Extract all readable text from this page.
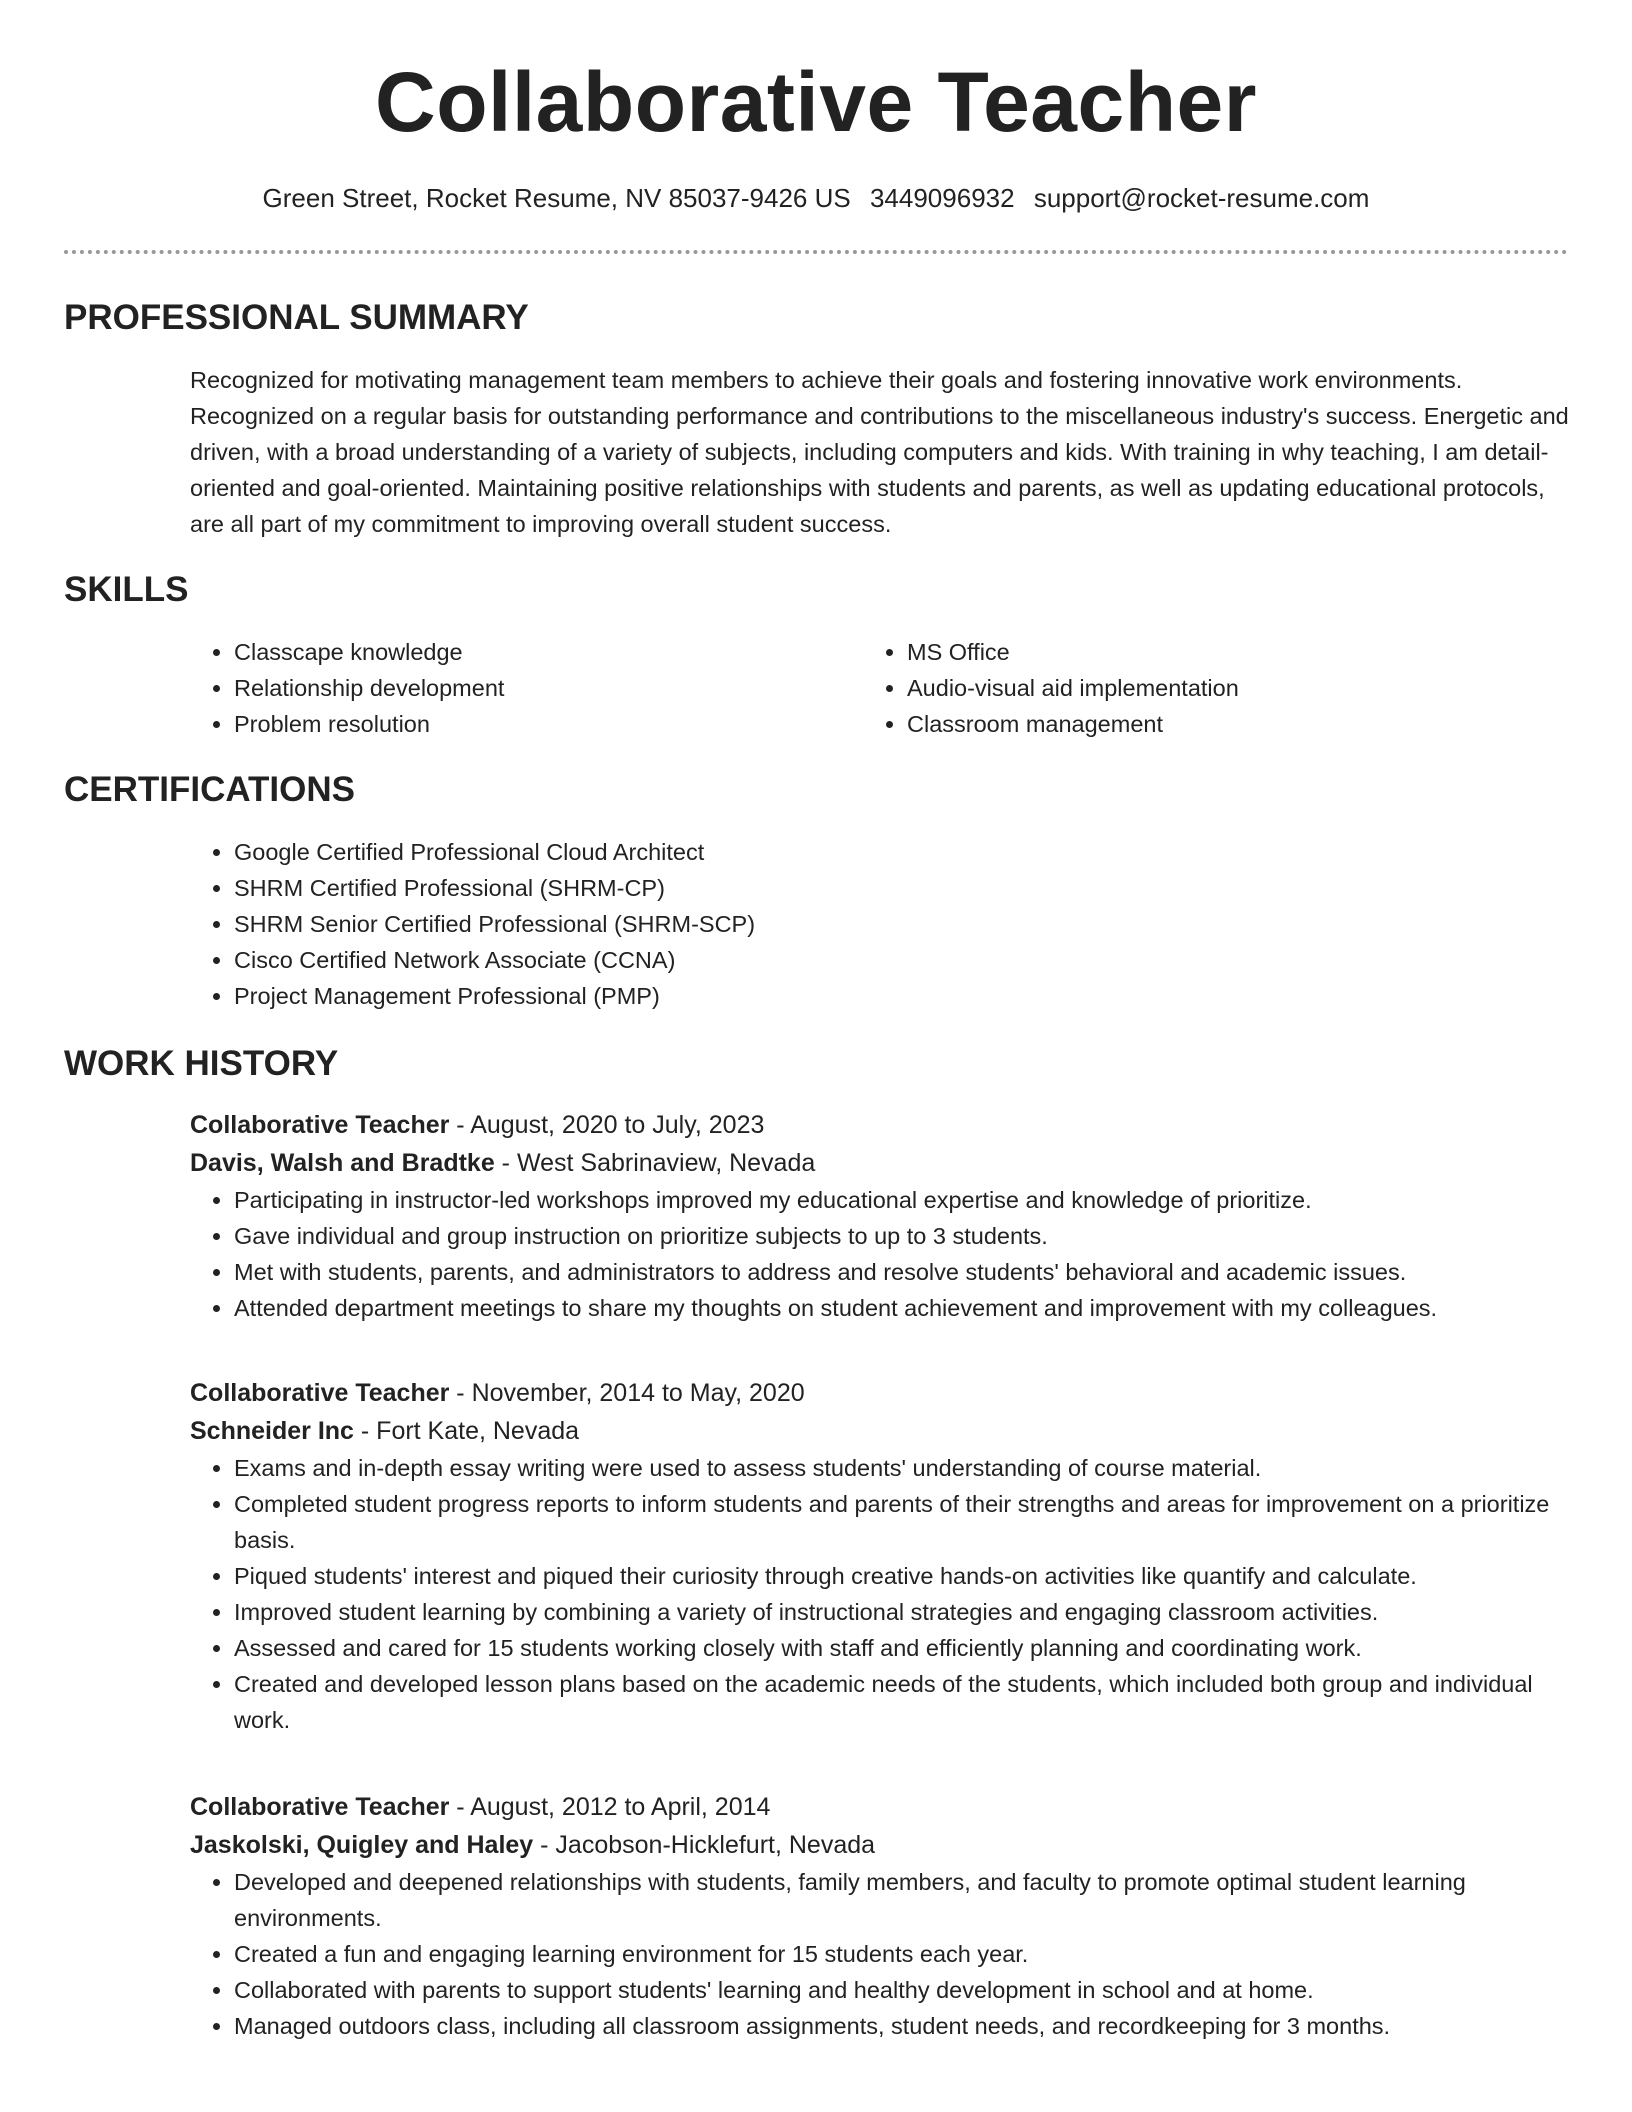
Collaborative Teacher
Green Street, Rocket Resume, NV 85037-9426 US 3449096932 support@rocket-resume.com
PROFESSIONAL SUMMARY

Recognized for motivating management team members to achieve their goals and fostering innovative work environments. Recognized on a regular basis for outstanding performance and contributions to the miscellaneous industry's success. Energetic and driven, with a broad understanding of a variety of subjects, including computers and kids. With training in why teaching, I am detail-oriented and goal-oriented. Maintaining positive relationships with students and parents, as well as updating educational protocols, are all part of my commitment to improving overall student success.

SKILLS
• Classcape knowledge
• Relationship development
• Problem resolution
• MS Office
• Audio-visual aid implementation
• Classroom management
CERTIFICATIONS
• Google Certified Professional Cloud Architect
• SHRM Certified Professional (SHRM-CP)
• SHRM Senior Certified Professional (SHRM-SCP)
• Cisco Certified Network Associate (CCNA)
• Project Management Professional (PMP)
WORK HISTORY

Collaborative Teacher - August, 2020 to July, 2023

Davis, Walsh and Bradtke - West Sabrinaview, Nevada

• Participating in instructor-led workshops improved my educational expertise and knowledge of prioritize.
• Gave individual and group instruction on prioritize subjects to up to 3 students.
• Met with students, parents, and administrators to address and resolve students' behavioral and academic issues.
• Attended department meetings to share my thoughts on student achievement and improvement with my colleagues.

Collaborative Teacher - November, 2014 to May, 2020

Schneider Inc - Fort Kate, Nevada

• Exams and in-depth essay writing were used to assess students' understanding of course material.
• Completed student progress reports to inform students and parents of their strengths and areas for improvement on a prioritize basis.
• Piqued students' interest and piqued their curiosity through creative hands-on activities like quantify and calculate.
• Improved student learning by combining a variety of instructional strategies and engaging classroom activities.
• Assessed and cared for 15 students working closely with staff and efficiently planning and coordinating work.
• Created and developed lesson plans based on the academic needs of the students, which included both group and individual work.

Collaborative Teacher - August, 2012 to April, 2014

Jaskolski, Quigley and Haley - Jacobson-Hicklefurt, Nevada

• Developed and deepened relationships with students, family members, and faculty to promote optimal student learning environments.
• Created a fun and engaging learning environment for 15 students each year.
• Collaborated with parents to support students' learning and healthy development in school and at home.
• Managed outdoors class, including all classroom assignments, student needs, and recordkeeping for 3 months.
